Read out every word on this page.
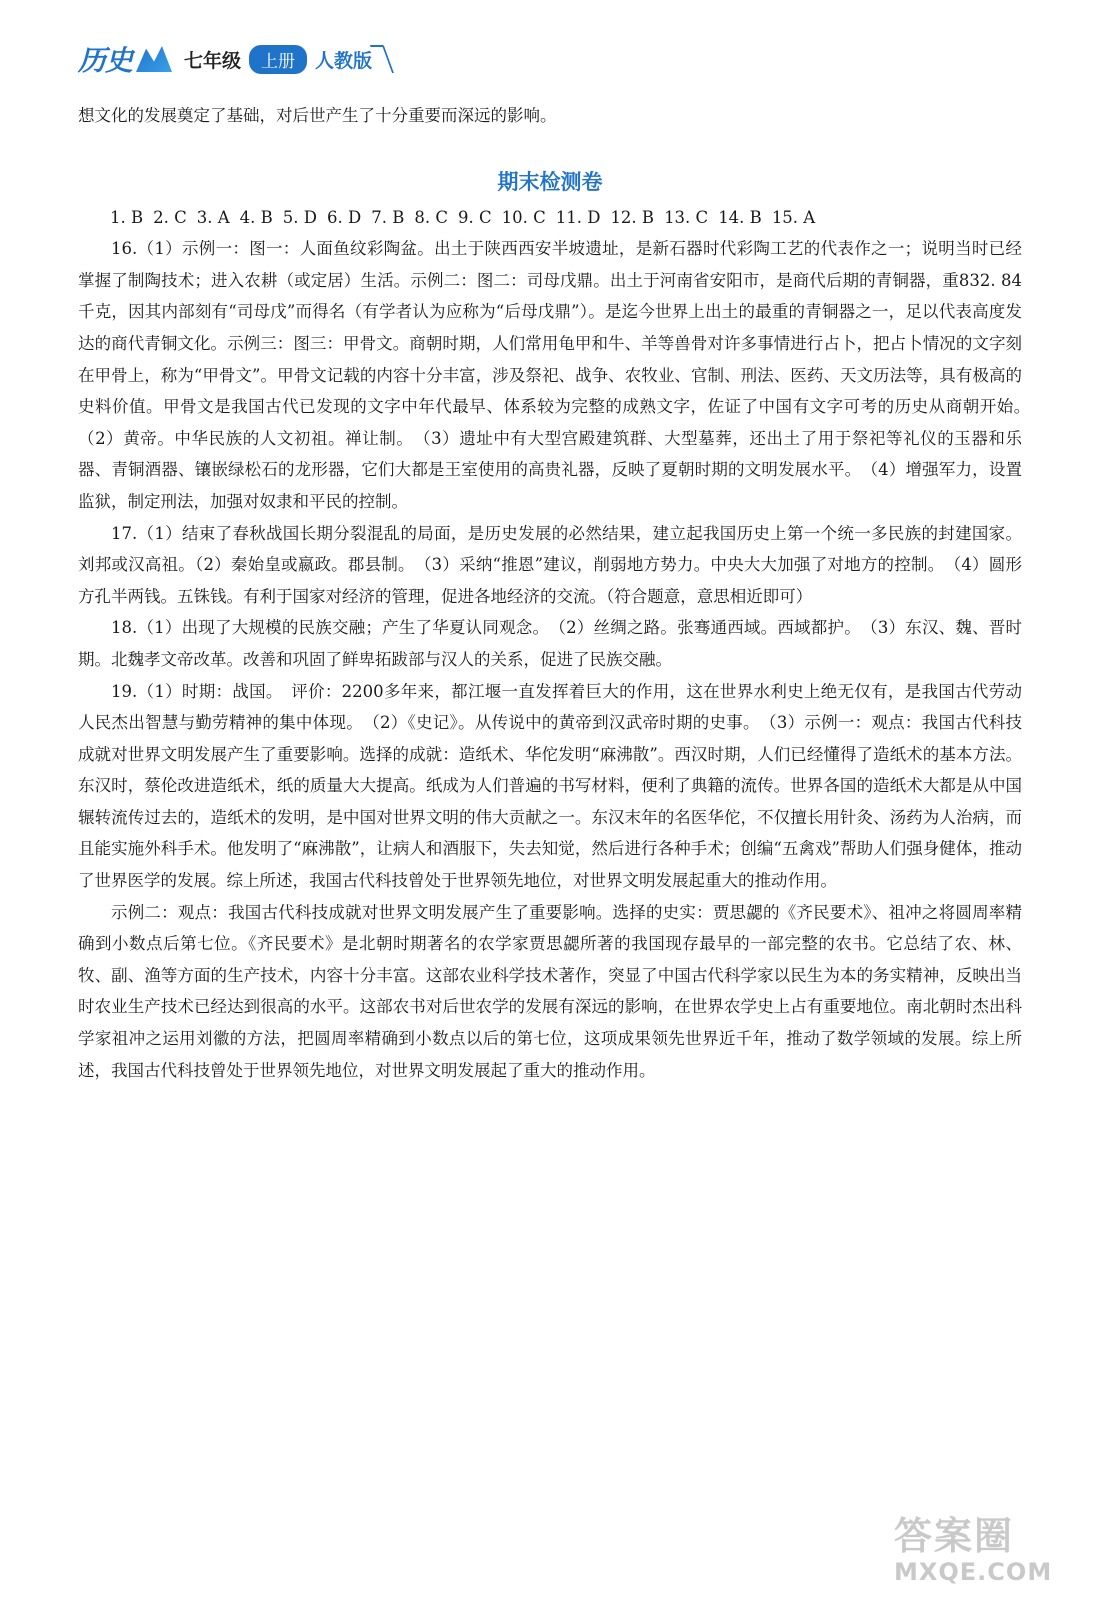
历史	七年级	上册	人教版

想文化的发展奠定了基础，对后世产生了十分重要而深远的影响。

期末检测卷
1. B 2. C 3. A 4. B 5. D 6. D 7. B 8. C 9. C 10. C 11. D 12. B 13. C 14. B 15. A

16.（1）示例一：图一：人面鱼纹彩陶盆。出土于陕西西安半坡遗址，是新石器时代彩陶工艺的代表作之一；说明当时已经掌握了制陶技术；进入农耕（或定居）生活。示例二：图二：司母戊鼎。出土于河南省安阳市，是商代后期的青铜器，重832. 84千克，因其内部刻有“司母戊”而得名（有学者认为应称为“后母戊鼎”）。是迄今世界上出土的最重的青铜器之一，足以代表高度发达的商代青铜文化。示例三：图三：甲骨文。商朝时期，人们常用龟甲和牛、羊等兽骨对许多事情进行占卜，把占卜情况的文字刻在甲骨上，称为“甲骨文”。甲骨文记载的内容十分丰富，涉及祭祀、战争、农牧业、官制、刑法、医药、天文历法等，具有极高的史料价值。甲骨文是我国古代已发现的文字中年代最早、体系较为完整的成熟文字，佐证了中国有文字可考的历史从商朝开始。　（2）黄帝。中华民族的人文初祖。禅让制。　（3）遗址中有大型宫殿建筑群、大型墓葬，还出土了用于祭祀等礼仪的玉器和乐器、青铜酒器、镶嵌绿松石的龙形器，它们大都是王室使用的高贵礼器，反映了夏朝时期的文明发展水平。　（4）增强军力，设置监狱，制定刑法，加强对奴隶和平民的控制。

17.（1）结束了春秋战国长期分裂混乱的局面，是历史发展的必然结果，建立起我国历史上第一个统一多民族的封建国家。刘邦或汉高祖。（2）秦始皇或嬴政。郡县制。　（3）采纳“推恩”建议，削弱地方势力。中央大大加强了对地方的控制。　（4）圆形方孔半两钱。五铢钱。有利于国家对经济的管理，促进各地经济的交流。（符合题意，意思相近即可）

18.（1）出现了大规模的民族交融；产生了华夏认同观念。　（2）丝绸之路。张骞通西域。西域都护。　（3）东汉、魏、晋时期。北魏孝文帝改革。改善和巩固了鲜卑拓跋部与汉人的关系，促进了民族交融。

19.（1）时期：战国。　评价：2200多年来，都江堰一直发挥着巨大的作用，这在世界水利史上绝无仅有，是我国古代劳动人民杰出智慧与勤劳精神的集中体现。　（2）《史记》。从传说中的黄帝到汉武帝时期的史事。　（3）示例一：观点：我国古代科技成就对世界文明发展产生了重要影响。选择的成就：造纸术、华佗发明“麻沸散”。西汉时期，人们已经懂得了造纸术的基本方法。东汉时，蔡伦改进造纸术，纸的质量大大提高。纸成为人们普遍的书写材料，便利了典籍的流传。世界各国的造纸术大都是从中国辗转流传过去的，造纸术的发明，是中国对世界文明的伟大贡献之一。东汉末年的名医华佗，不仅擅长用针灸、汤药为人治病，而且能实施外科手术。他发明了“麻沸散”，让病人和酒服下，失去知觉，然后进行各种手术；创编“五禽戏”帮助人们强身健体，推动了世界医学的发展。综上所述，我国古代科技曾处于世界领先地位，对世界文明发展起重大的推动作用。

示例二：观点：我国古代科技成就对世界文明发展产生了重要影响。选择的史实：贾思勰的《齐民要术》、祖冲之将圆周率精确到小数点后第七位。《齐民要术》是北朝时期著名的农学家贾思勰所著的我国现存最早的一部完整的农书。它总结了农、林、牧、副、渔等方面的生产技术，内容十分丰富。这部农业科学技术著作，突显了中国古代科学家以民生为本的务实精神，反映出当时农业生产技术已经达到很高的水平。这部农书对后世农学的发展有深远的影响，在世界农学史上占有重要地位。南北朝时杰出科学家祖冲之运用刘徽的方法，把圆周率精确到小数点以后的第七位，这项成果领先世界近千年，推动了数学领域的发展。综上所述，我国古代科技曾处于世界领先地位，对世界文明发展起了重大的推动作用。

答案圈
MXQE.COM
